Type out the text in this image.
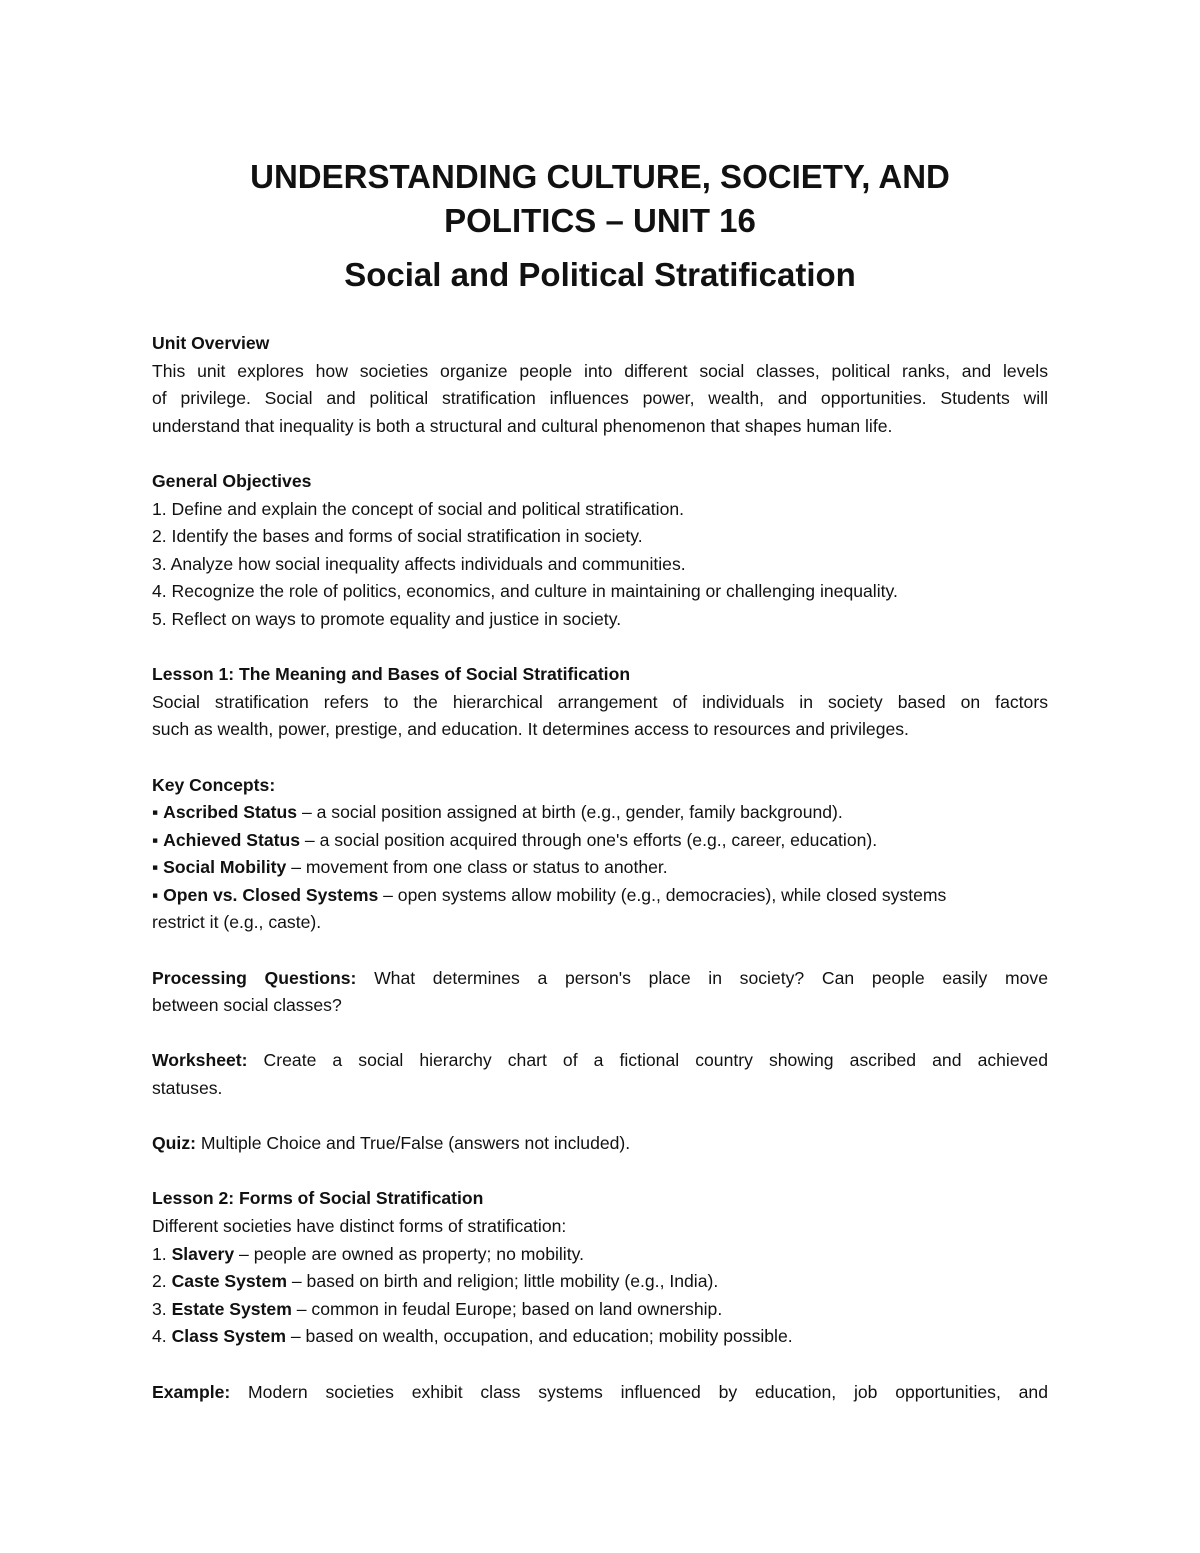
UNDERSTANDING CULTURE, SOCIETY, AND
POLITICS – UNIT 16
Social and Political Stratification
Unit Overview
This unit explores how societies organize people into different social classes, political ranks, and levels
of privilege. Social and political stratification influences power, wealth, and opportunities. Students will
understand that inequality is both a structural and cultural phenomenon that shapes human life.
General Objectives
1. Define and explain the concept of social and political stratification.
2. Identify the bases and forms of social stratification in society.
3. Analyze how social inequality affects individuals and communities.
4. Recognize the role of politics, economics, and culture in maintaining or challenging inequality.
5. Reflect on ways to promote equality and justice in society.
Lesson 1: The Meaning and Bases of Social Stratification
Social stratification refers to the hierarchical arrangement of individuals in society based on factors
such as wealth, power, prestige, and education. It determines access to resources and privileges.
Key Concepts:
▪ Ascribed Status – a social position assigned at birth (e.g., gender, family background).
▪ Achieved Status – a social position acquired through one's efforts (e.g., career, education).
▪ Social Mobility – movement from one class or status to another.
▪ Open vs. Closed Systems – open systems allow mobility (e.g., democracies), while closed systems
restrict it (e.g., caste).
Processing Questions: What determines a person's place in society? Can people easily move
between social classes?
Worksheet: Create a social hierarchy chart of a fictional country showing ascribed and achieved
statuses.
Quiz: Multiple Choice and True/False (answers not included).
Lesson 2: Forms of Social Stratification
Different societies have distinct forms of stratification:
1. Slavery – people are owned as property; no mobility.
2. Caste System – based on birth and religion; little mobility (e.g., India).
3. Estate System – common in feudal Europe; based on land ownership.
4. Class System – based on wealth, occupation, and education; mobility possible.
Example: Modern societies exhibit class systems influenced by education, job opportunities, and
